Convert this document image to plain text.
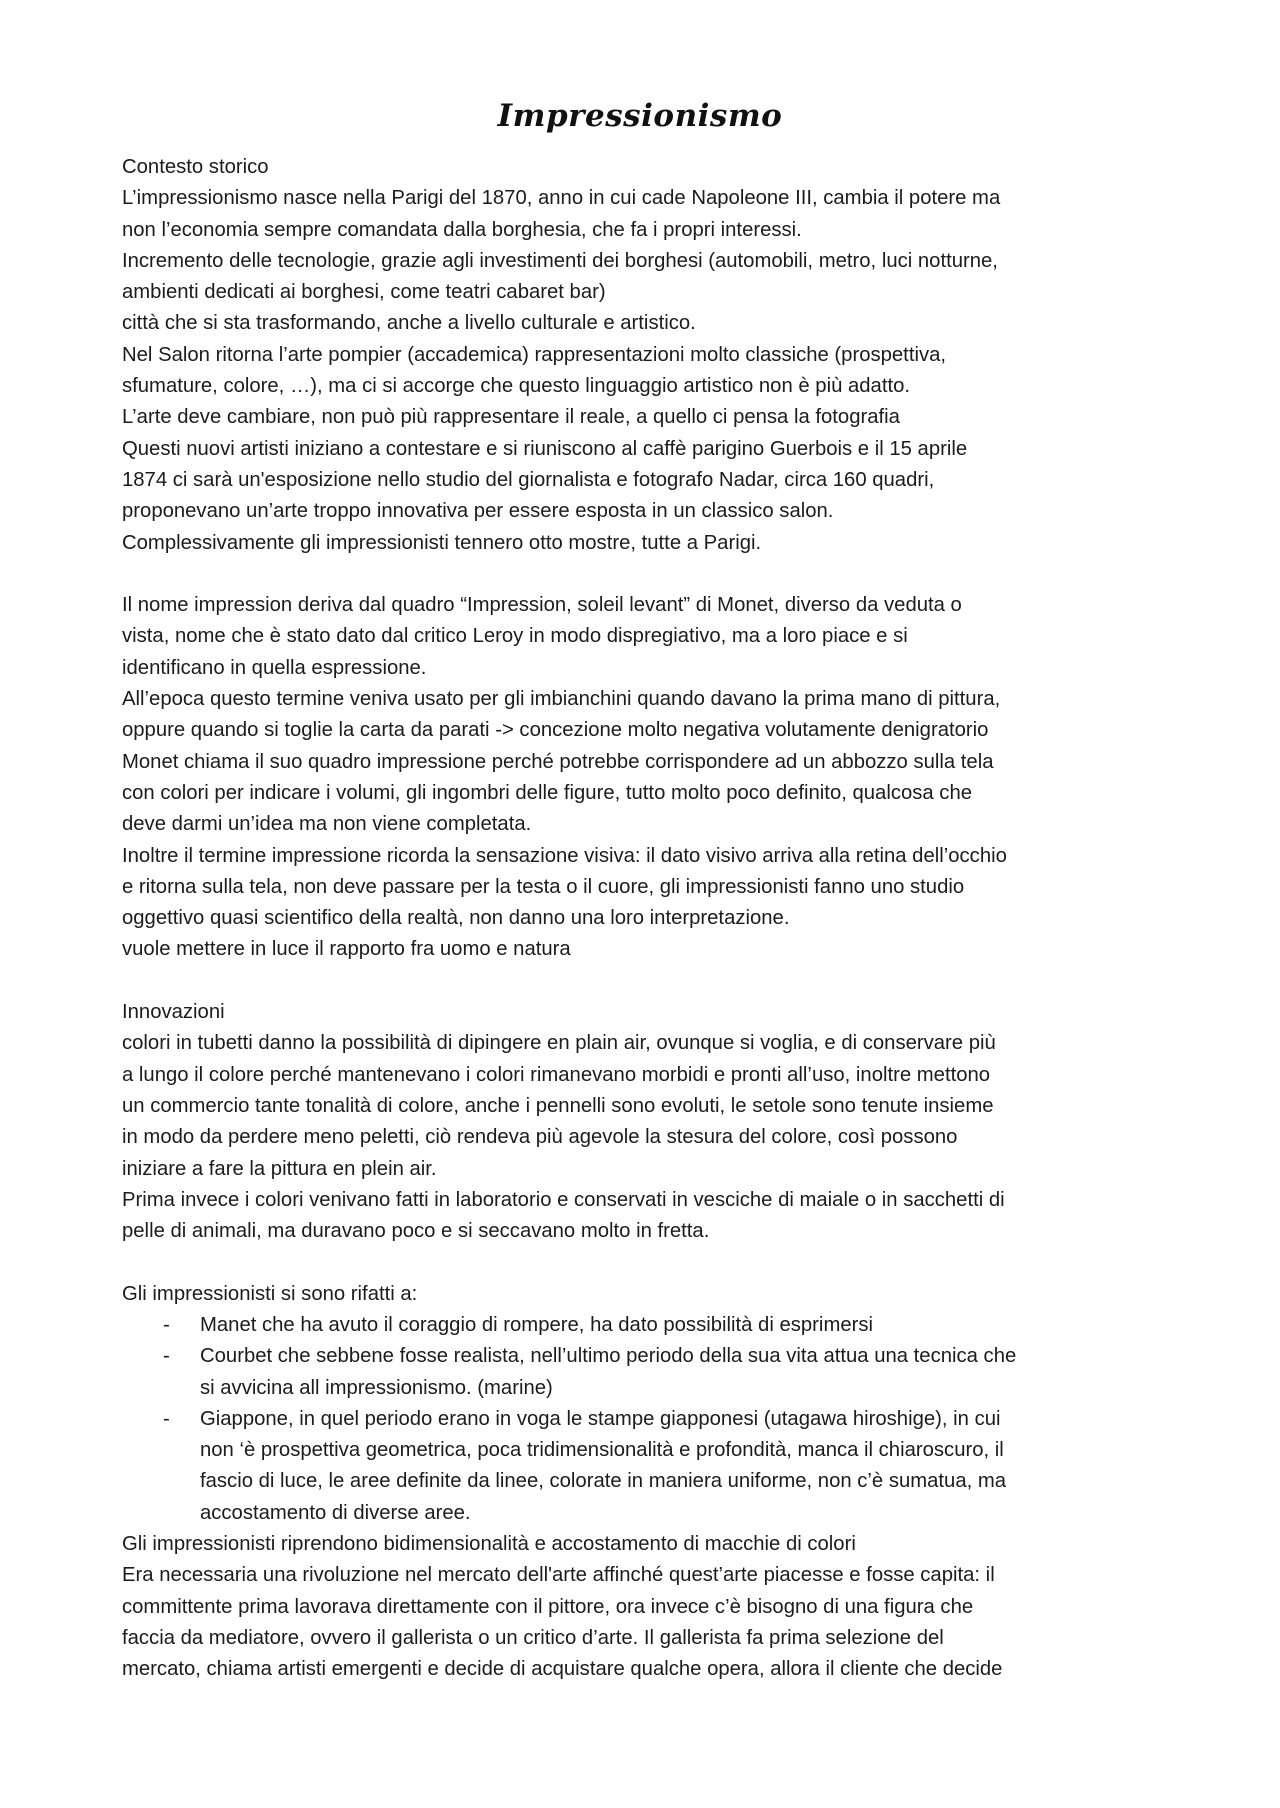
Impressionismo

Contesto storico

L’impressionismo nasce nella Parigi del 1870, anno in cui cade Napoleone III, cambia il potere ma

non l’economia sempre comandata dalla borghesia, che fa i propri interessi.

Incremento delle tecnologie, grazie agli investimenti dei borghesi (automobili, metro, luci notturne,

ambienti dedicati ai borghesi, come teatri cabaret bar)

città che si sta trasformando, anche a livello culturale e artistico.

Nel Salon ritorna l’arte pompier (accademica) rappresentazioni molto classiche (prospettiva,

sfumature, colore, …), ma ci si accorge che questo linguaggio artistico non è più adatto.

L’arte deve cambiare, non può più rappresentare il reale, a quello ci pensa la fotografia

Questi nuovi artisti iniziano a contestare e si riuniscono al caffè parigino Guerbois e il 15 aprile

1874 ci sarà un'esposizione nello studio del giornalista e fotografo Nadar, circa 160 quadri,

proponevano un’arte troppo innovativa per essere esposta in un classico salon.

Complessivamente gli impressionisti tennero otto mostre, tutte a Parigi.

Il nome impression deriva dal quadro “Impression, soleil levant” di Monet, diverso da veduta o

vista, nome che è stato dato dal critico Leroy in modo dispregiativo, ma a loro piace e si

identificano in quella espressione.

All’epoca questo termine veniva usato per gli imbianchini quando davano la prima mano di pittura,

oppure quando si toglie la carta da parati -> concezione molto negativa volutamente denigratorio

Monet chiama il suo quadro impressione perché potrebbe corrispondere ad un abbozzo sulla tela

con colori per indicare i volumi, gli ingombri delle figure, tutto molto poco definito, qualcosa che

deve darmi un’idea ma non viene completata.

Inoltre il termine impressione ricorda la sensazione visiva: il dato visivo arriva alla retina dell’occhio

e ritorna sulla tela, non deve passare per la testa o il cuore, gli impressionisti fanno uno studio

oggettivo quasi scientifico della realtà, non danno una loro interpretazione.

vuole mettere in luce il rapporto fra uomo e natura

Innovazioni

colori in tubetti danno la possibilità di dipingere en plain air, ovunque si voglia, e di conservare più

a lungo il colore perché mantenevano i colori rimanevano morbidi e pronti all’uso, inoltre mettono

un commercio tante tonalità di colore, anche i pennelli sono evoluti, le setole sono tenute insieme

in modo da perdere meno peletti, ciò rendeva più agevole la stesura del colore, così possono

iniziare a fare la pittura en plein air.

Prima invece i colori venivano fatti in laboratorio e conservati in vesciche di maiale o in sacchetti di

pelle di animali, ma duravano poco e si seccavano molto in fretta.

Gli impressionisti si sono rifatti a:

-	Manet che ha avuto il coraggio di rompere, ha dato possibilità di esprimersi

-	Courbet che sebbene fosse realista, nell’ultimo periodo della sua vita attua una tecnica che

si avvicina all impressionismo. (marine)

-	Giappone, in quel periodo erano in voga le stampe giapponesi (utagawa hiroshige), in cui

non ‘è prospettiva geometrica, poca tridimensionalità e profondità, manca il chiaroscuro, il

fascio di luce, le aree definite da linee, colorate in maniera uniforme, non c’è sumatua, ma

accostamento di diverse aree.

Gli impressionisti riprendono bidimensionalità e accostamento di macchie di colori

Era necessaria una rivoluzione nel mercato dell'arte affinché quest’arte piacesse e fosse capita: il

committente prima lavorava direttamente con il pittore, ora invece c’è bisogno di una figura che

faccia da mediatore, ovvero il gallerista o un critico d’arte. Il gallerista fa prima selezione del

mercato, chiama artisti emergenti e decide di acquistare qualche opera, allora il cliente che decide
